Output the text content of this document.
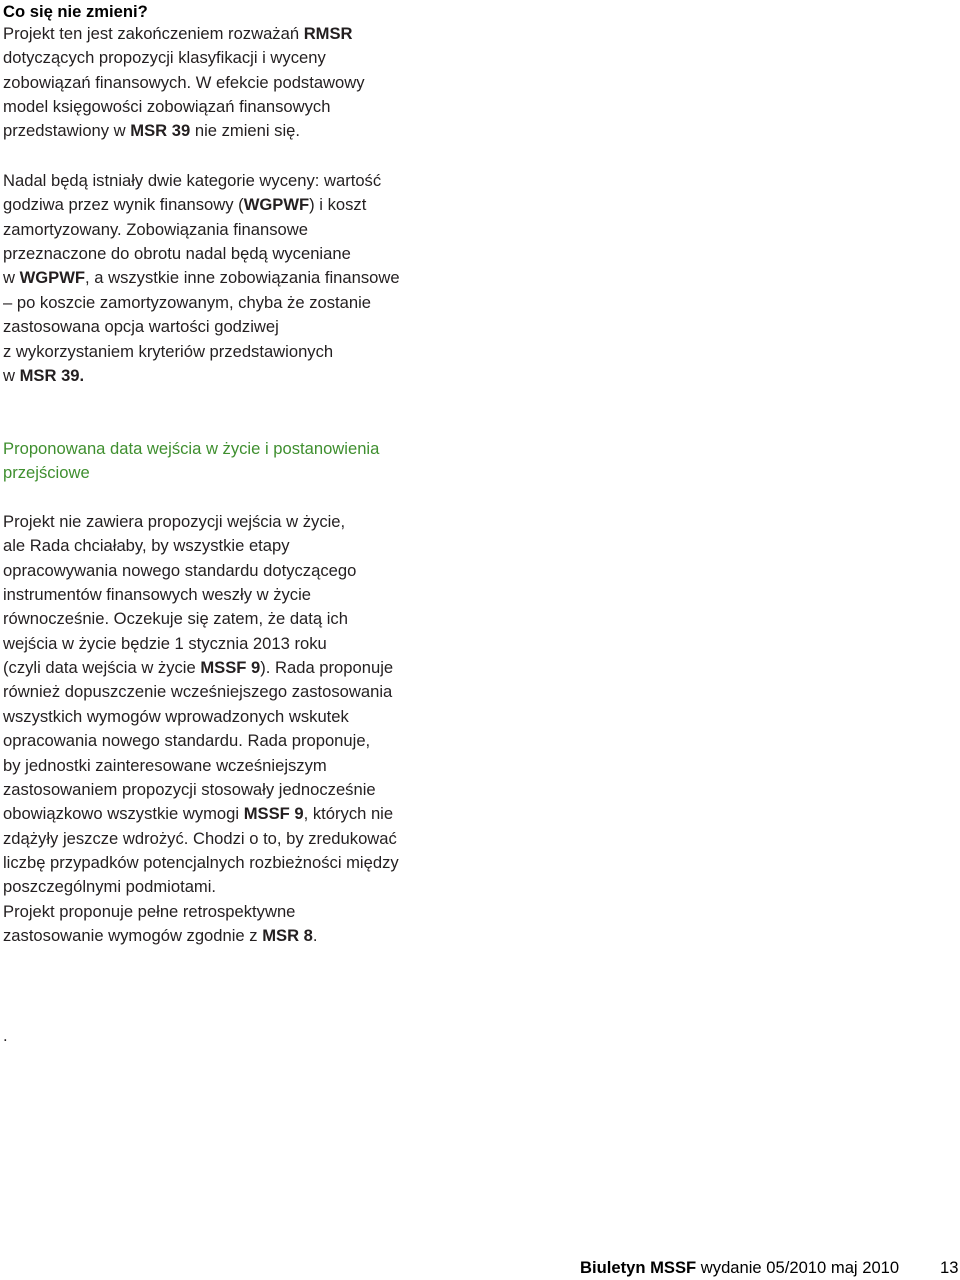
Co się nie zmieni?
Projekt ten jest zakończeniem rozważań RMSR
dotyczących propozycji klasyfikacji i wyceny
zobowiązań finansowych. W efekcie podstawowy
model księgowości zobowiązań finansowych
przedstawiony w MSR 39 nie zmieni się.
Nadal będą istniały dwie kategorie wyceny: wartość
godziwa przez wynik finansowy (WGPWF) i koszt
zamortyzowany. Zobowiązania finansowe
przeznaczone do obrotu nadal będą wyceniane
w WGPWF, a wszystkie inne zobowiązania finansowe
– po koszcie zamortyzowanym, chyba że zostanie
zastosowana opcja wartości godziwej
z wykorzystaniem kryteriów przedstawionych
w MSR 39.
Proponowana data wejścia w życie i postanowienia
przejściowe
Projekt nie zawiera propozycji wejścia w życie,
ale Rada chciałaby, by wszystkie etapy
opracowywania nowego standardu dotyczącego
instrumentów finansowych weszły w życie
równocześnie. Oczekuje się zatem, że datą ich
wejścia w życie będzie 1 stycznia 2013 roku
(czyli data wejścia w życie MSSF 9). Rada proponuje
również dopuszczenie wcześniejszego zastosowania
wszystkich wymogów wprowadzonych wskutek
opracowania nowego standardu. Rada proponuje,
by jednostki zainteresowane wcześniejszym
zastosowaniem propozycji stosowały jednocześnie
obowiązkowo wszystkie wymogi MSSF 9, których nie
zdążyły jeszcze wdrożyć. Chodzi o to, by zredukować
liczbę przypadków potencjalnych rozbieżności między
poszczególnymi podmiotami.
Projekt proponuje pełne retrospektywne
zastosowanie wymogów zgodnie z MSR 8.
.
Biuletyn MSSF wydanie 05/2010 maj 2010 13
